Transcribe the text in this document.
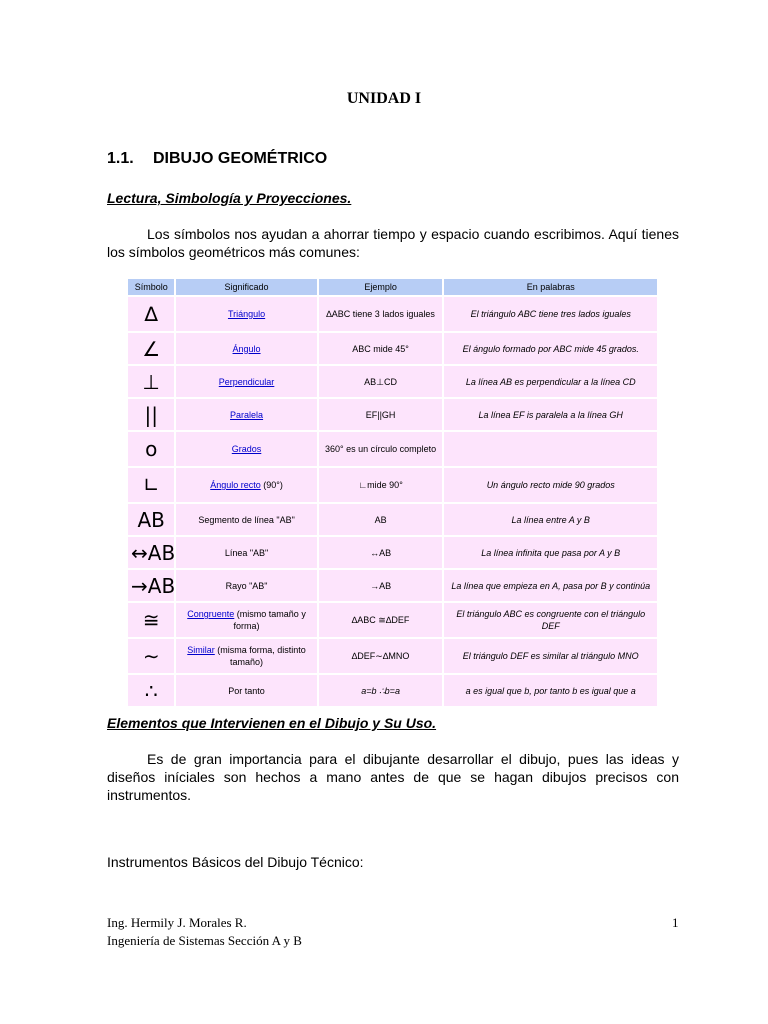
UNIDAD I
1.1. DIBUJO GEOMÉTRICO
Lectura, Simbología y Proyecciones.
Los símbolos nos ayudan a ahorrar tiempo y espacio cuando escribimos. Aquí tienes los símbolos geométricos más comunes:
Símbolo	Significado	Ejemplo	En palabras
∆	Triángulo	∆ABC tiene 3 lados iguales	El triángulo ABC tiene tres lados iguales
∠	Ángulo	ABC mide 45°	El ángulo formado por ABC mide 45 grados.
⊥	Perpendicular	AB⊥CD	La línea AB es perpendicular a la línea CD
||	Paralela	EF||GH	La línea EF is paralela a la línea GH
o	Grados	360° es un círculo completo	
∟	Ángulo recto (90°)	∟mide 90°	Un ángulo recto mide 90 grados
AB	Segmento de línea "AB"	AB	La línea entre A y B
↔AB	Línea "AB"	↔AB	La línea infinita que pasa por A y B
→AB	Rayo "AB"	→AB	La línea que empieza en A, pasa por B y continúa
≅	Congruente (mismo tamaño y forma)	∆ABC ≅∆DEF	El triángulo ABC es congruente con el triángulo DEF
∼	Similar (misma forma, distinto tamaño)	∆DEF∼∆MNO	El triángulo DEF es similar al triángulo MNO
∴	Por tanto	a=b ∴b=a	a es igual que b, por tanto b es igual que a
Elementos que Intervienen en el Dibujo y Su Uso.
Es de gran importancia para el dibujante desarrollar el dibujo, pues las ideas y diseños iníciales son hechos a mano antes de que se hagan dibujos precisos con instrumentos.
Instrumentos Básicos del Dibujo Técnico:
Ing. Hermily J. Morales R.
Ingeniería de Sistemas Sección A y B
1
